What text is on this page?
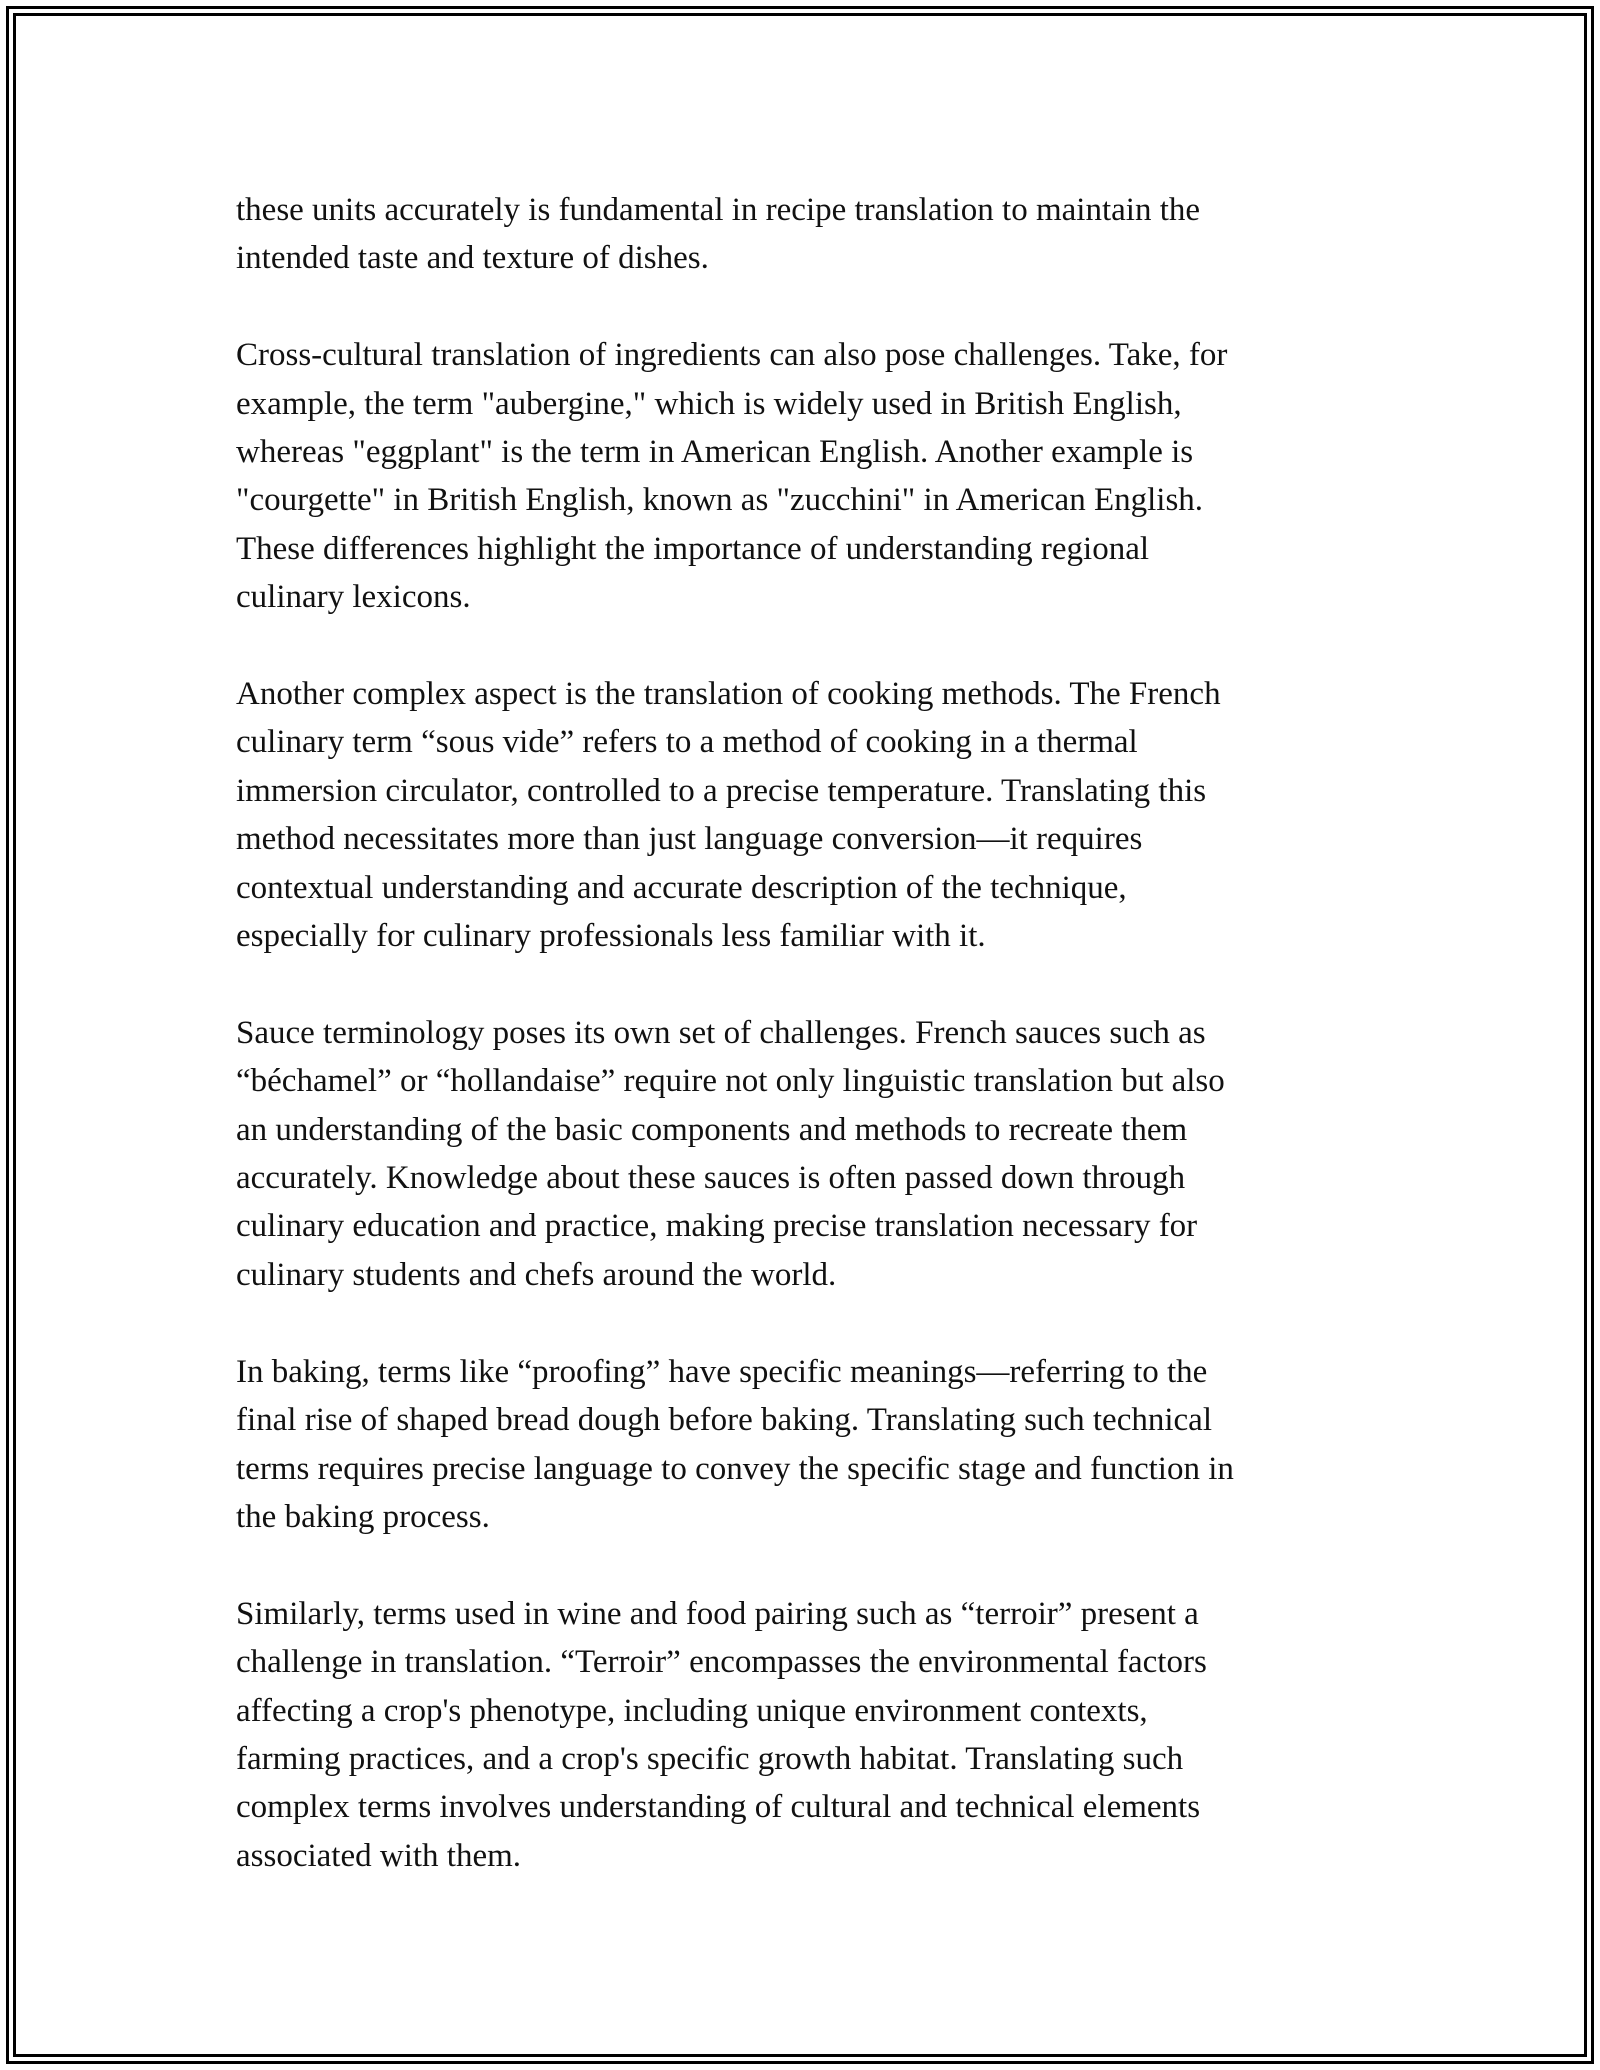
these units accurately is fundamental in recipe translation to maintain the
intended taste and texture of dishes.

Cross-cultural translation of ingredients can also pose challenges. Take, for
example, the term "aubergine," which is widely used in British English,
whereas "eggplant" is the term in American English. Another example is
"courgette" in British English, known as "zucchini" in American English.
These differences highlight the importance of understanding regional
culinary lexicons.

Another complex aspect is the translation of cooking methods. The French
culinary term “sous vide” refers to a method of cooking in a thermal
immersion circulator, controlled to a precise temperature. Translating this
method necessitates more than just language conversion—it requires
contextual understanding and accurate description of the technique,
especially for culinary professionals less familiar with it.

Sauce terminology poses its own set of challenges. French sauces such as
“béchamel” or “hollandaise” require not only linguistic translation but also
an understanding of the basic components and methods to recreate them
accurately. Knowledge about these sauces is often passed down through
culinary education and practice, making precise translation necessary for
culinary students and chefs around the world.

In baking, terms like “proofing” have specific meanings—referring to the
final rise of shaped bread dough before baking. Translating such technical
terms requires precise language to convey the specific stage and function in
the baking process.

Similarly, terms used in wine and food pairing such as “terroir” present a
challenge in translation. “Terroir” encompasses the environmental factors
affecting a crop's phenotype, including unique environment contexts,
farming practices, and a crop's specific growth habitat. Translating such
complex terms involves understanding of cultural and technical elements
associated with them.
